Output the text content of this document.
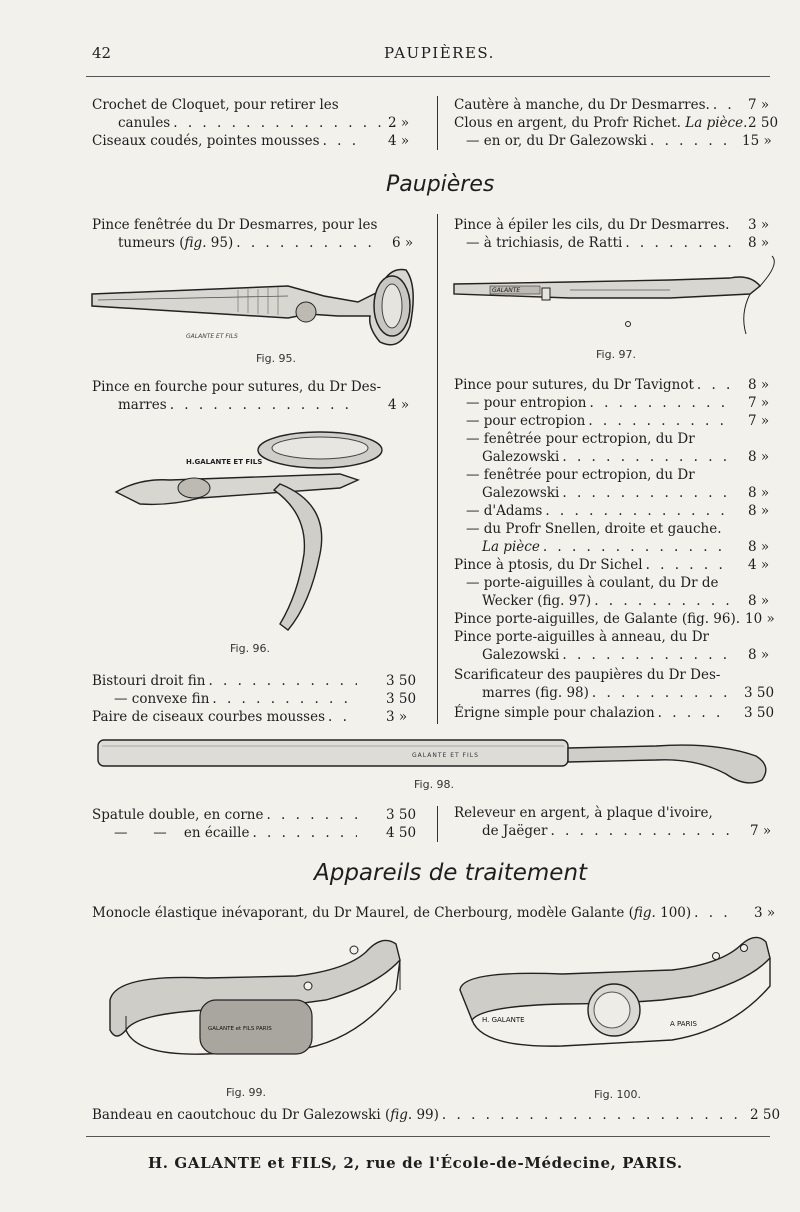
42	PAUPIÈRES.
Crochet de Cloquet, pour retirer les
canules . . .	2 »
Ciseaux coudés, pointes mousses . . .	4 »
Cautère à manche, du Dr Desmarres. . . .	7 »
Clous en argent, du Profr Richet. La pièce. 2 50
— en or, du Dr Galezowski . . .	15 »
Paupières
Pince fenêtrée du Dr Desmarres, pour les
tumeurs (fig. 95) . . .	6 »
GALANTE ET FILS
Fig. 95.
Pince à épiler les cils, du Dr Desmarres. 3 »
— à trichiasis, de Ratti . . .	8 »
GALANTE
Fig. 97.
Pince en fourche pour sutures, du Dr Des-
marres . . .	4 »
H.GALANTE ET FILS
Fig. 96.
Bistouri droit fin . . .	3 50
— convexe fin . . .	3 50
Paire de ciseaux courbes mousses . . .	3 »
Pince pour sutures, du Dr Tavignot . . .	8 »
— pour entropion . . .	7 »
— pour ectropion . . .	7 »
— fenêtrée pour ectropion, du Dr
Galezowski . . .	8 »
— fenêtrée pour ectropion, du Dr
Galezowski . . .	8 »
— d'Adams . . .	8 »
— du Profr Snellen, droite et gauche.
La pièce . . .	8 »
Pince à ptosis, du Dr Sichel . . .	4 »
— porte-aiguilles à coulant, du Dr de
Wecker (fig. 97) . . .	8 »
Pince porte-aiguilles, de Galante (fig. 96). 10 »
Pince porte-aiguilles à anneau, du Dr
Galezowski . . .	8 »
Scarificateur des paupières du Dr Des-
marres (fig. 98) . . .	3 50
Érigne simple pour chalazion . . .	3 50
GALANTE ET FILS
Fig. 98.
Spatule double, en corne . . .	3 50
—      —    en écaille . . .	4 50
Releveur en argent, à plaque d'ivoire,
de Jaëger . . .	7 »
Appareils de traitement
Monocle élastique inévaporant, du Dr Maurel, de Cherbourg, modèle Galante (fig. 100) . . .	3 »
GALANTE et FILS PARIS
Fig. 99.
H. GALANTE	A PARIS
Fig. 100.
Bandeau en caoutchouc du Dr Galezowski (fig. 99) . . .	2 50
H. GALANTE et FILS, 2, rue de l'École-de-Médecine, PARIS.
